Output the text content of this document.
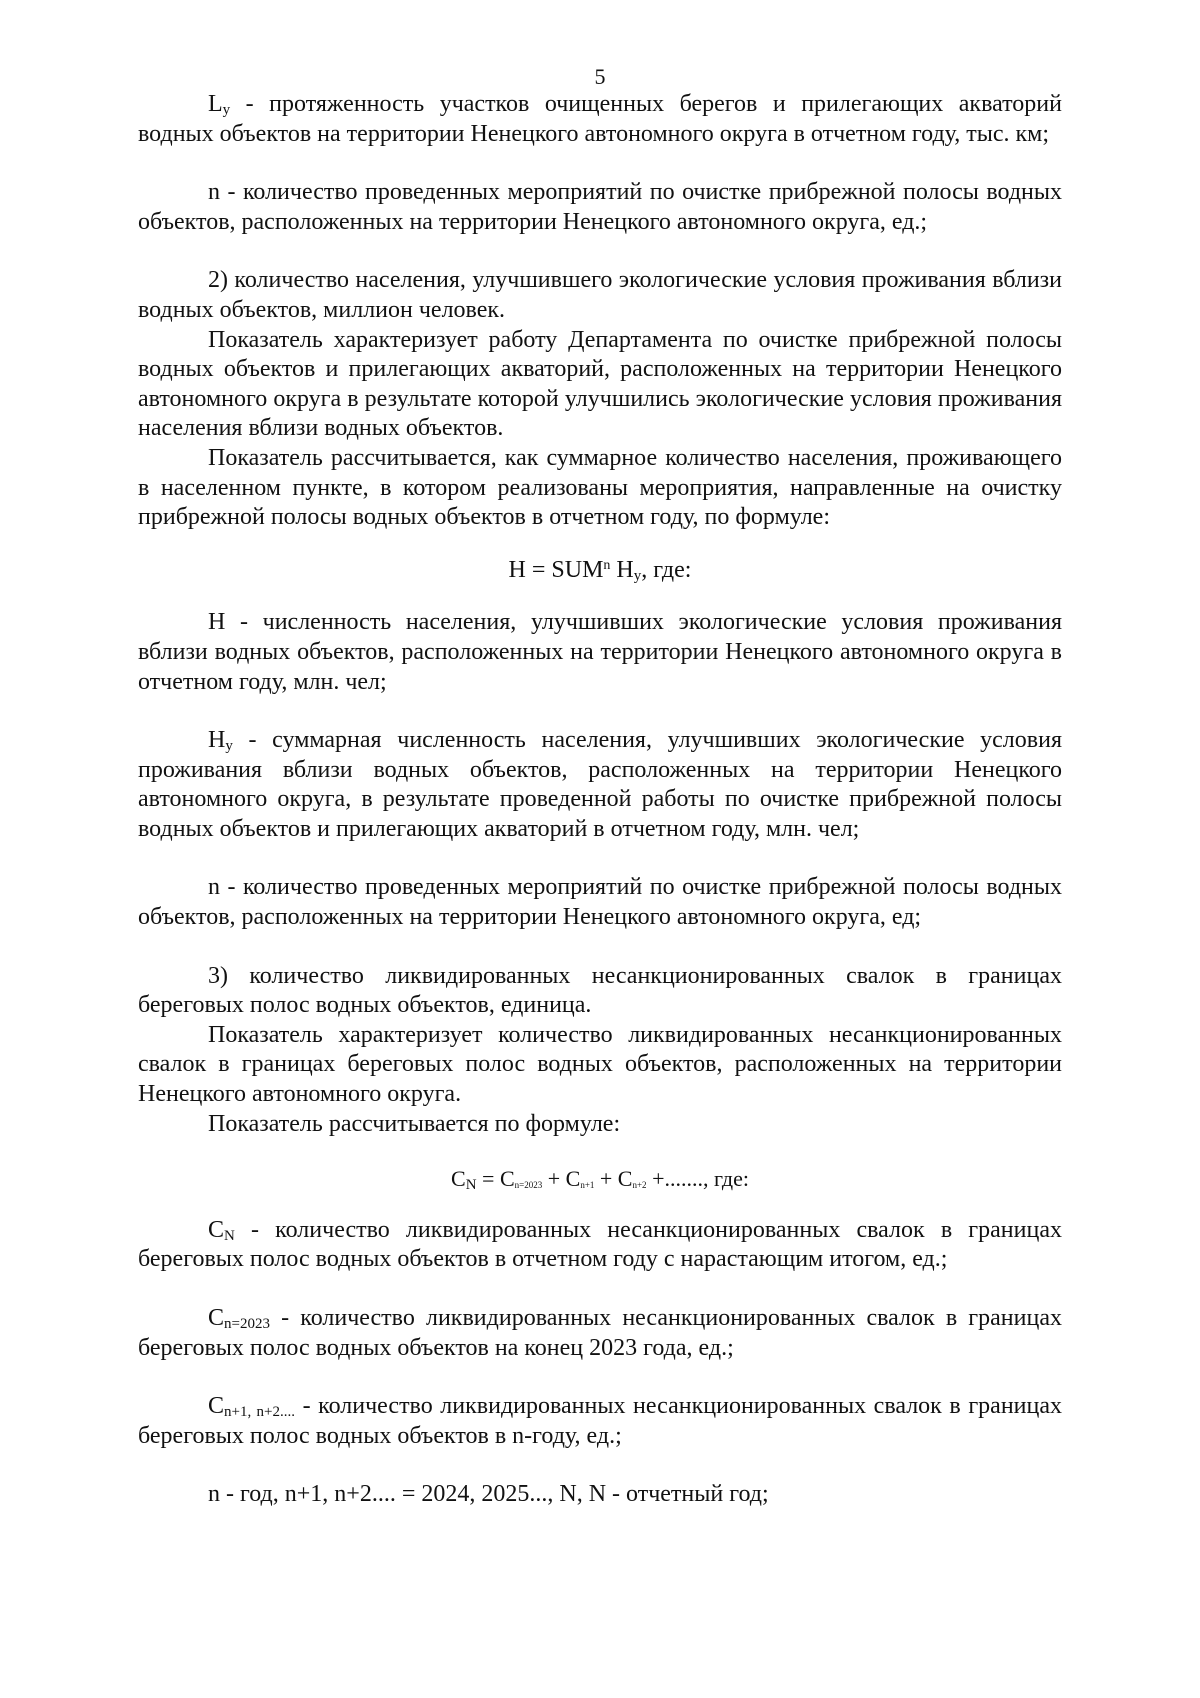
5

$L_у$ - протяженность участков очищенных берегов и прилегающих акваторий водных объектов на территории Ненецкого автономного округа в отчетном году, тыс. км;

n - количество проведенных мероприятий по очистке прибрежной полосы водных объектов, расположенных на территории Ненецкого автономного округа, ед.;

2) количество населения, улучшившего экологические условия проживания вблизи водных объектов, миллион человек.

Показатель характеризует работу Департамента по очистке прибрежной полосы водных объектов и прилегающих акваторий, расположенных на территории Ненецкого автономного округа в результате которой улучшились экологические условия проживания населения вблизи водных объектов.

Показатель рассчитывается, как суммарное количество населения, проживающего в населенном пункте, в котором реализованы мероприятия, направленные на очистку прибрежной полосы водных объектов в отчетном году, по формуле:

$Н = SUM^n$ $Н_у$, где:

Н - численность населения, улучшивших экологические условия проживания вблизи водных объектов, расположенных на территории Ненецкого автономного округа в отчетном году, млн. чел;

$Н_у$ - суммарная численность населения, улучшивших экологические условия проживания вблизи водных объектов, расположенных на территории Ненецкого автономного округа, в результате проведенной работы по очистке прибрежной полосы водных объектов и прилегающих акваторий в отчетном году, млн. чел;

n - количество проведенных мероприятий по очистке прибрежной полосы водных объектов, расположенных на территории Ненецкого автономного округа, ед;

3) количество ликвидированных несанкционированных свалок в границах береговых полос водных объектов, единица.

Показатель характеризует количество ликвидированных несанкционированных свалок в границах береговых полос водных объектов, расположенных на территории Ненецкого автономного округа.

Показатель рассчитывается по формуле:

$С_N = С_{n=2023} + С_{n+1} + С_{n+2}$ +......., где:

$С_N$ - количество ликвидированных несанкционированных свалок в границах береговых полос водных объектов в отчетном году с нарастающим итогом, ед.;

$С_{n=2023}$ - количество ликвидированных несанкционированных свалок в границах береговых полос водных объектов на конец 2023 года, ед.;

$С_{n+1, n+2....}$ - количество ликвидированных несанкционированных свалок в границах береговых полос водных объектов в n-году, ед.;

n - год, n+1, n+2.... = 2024, 2025..., N, N - отчетный год;
